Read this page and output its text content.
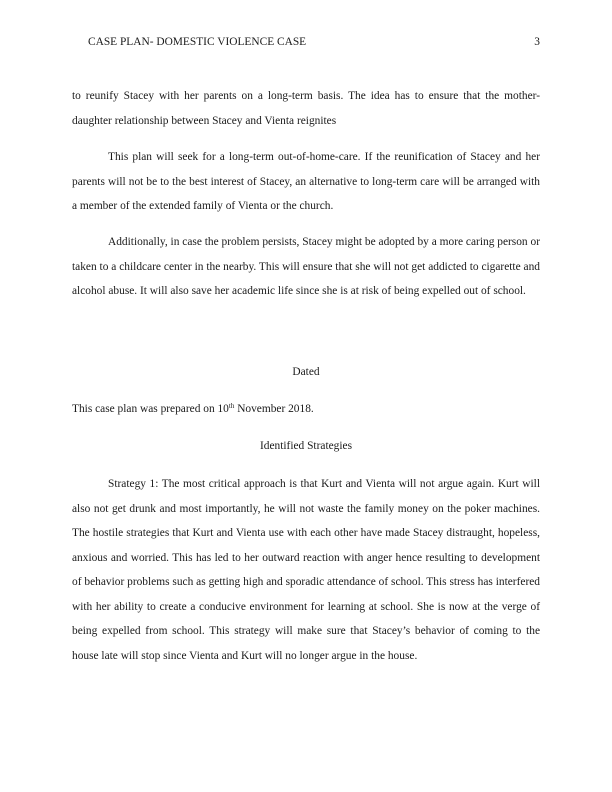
CASE PLAN- DOMESTIC VIOLENCE CASE	3

to reunify Stacey with her parents on a long-term basis. The idea has to ensure that the mother-daughter relationship between Stacey and Vienta reignites

This plan will seek for a long-term out-of-home-care. If the reunification of Stacey and her parents will not be to the best interest of Stacey, an alternative to long-term care will be arranged with a member of the extended family of Vienta or the church.

Additionally, in case the problem persists, Stacey might be adopted by a more caring person or taken to a childcare center in the nearby. This will ensure that she will not get addicted to cigarette and alcohol abuse. It will also save her academic life since she is at risk of being expelled out of school.

Dated

This case plan was prepared on 10th November 2018.

Identified Strategies

Strategy 1: The most critical approach is that Kurt and Vienta will not argue again. Kurt will also not get drunk and most importantly, he will not waste the family money on the poker machines. The hostile strategies that Kurt and Vienta use with each other have made Stacey distraught, hopeless, anxious and worried. This has led to her outward reaction with anger hence resulting to development of behavior problems such as getting high and sporadic attendance of school. This stress has interfered with her ability to create a conducive environment for learning at school. She is now at the verge of being expelled from school. This strategy will make sure that Stacey’s behavior of coming to the house late will stop since Vienta and Kurt will no longer argue in the house.
